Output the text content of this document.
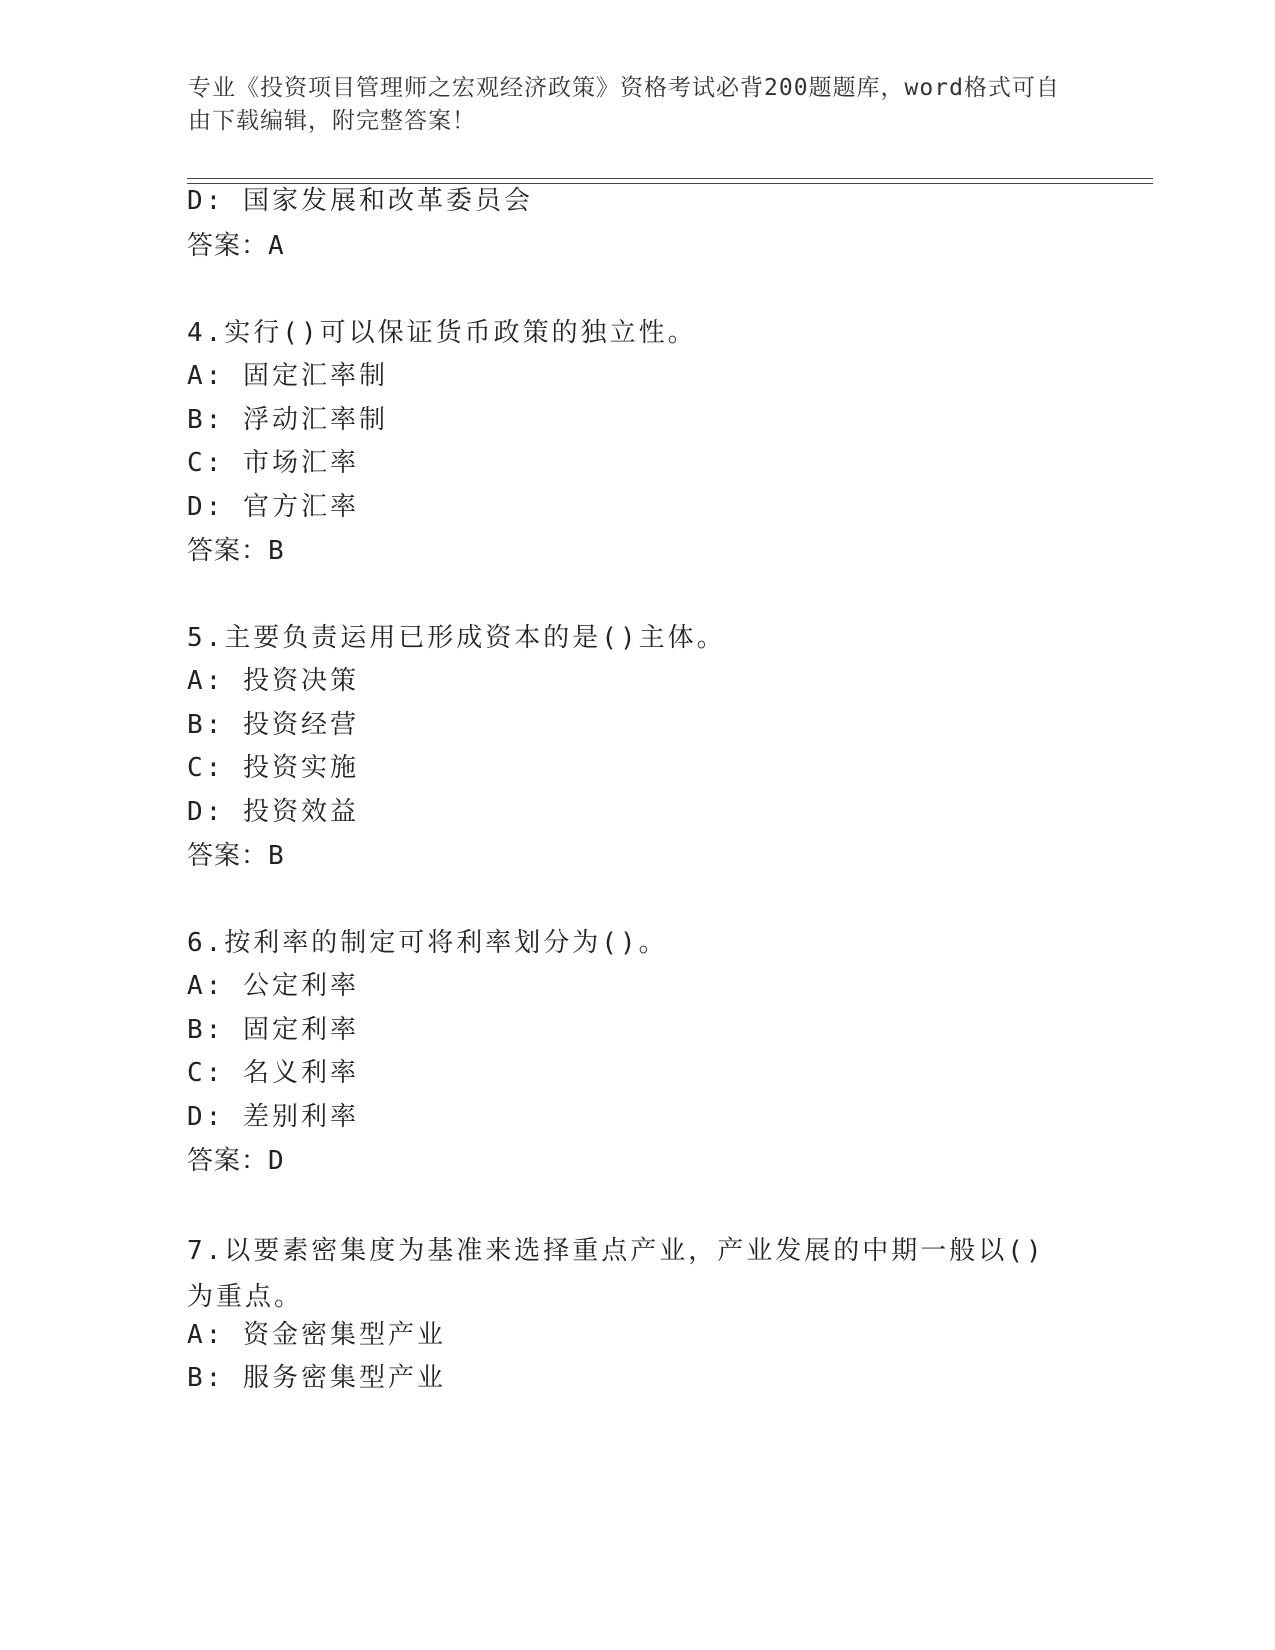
专业《投资项目管理师之宏观经济政策》资格考试必背200题题库，word格式可自由下载编辑，附完整答案！
D: 国家发展和改革委员会
答案：A
4.实行()可以保证货币政策的独立性。
A: 固定汇率制
B: 浮动汇率制
C: 市场汇率
D: 官方汇率
答案：B
5.主要负责运用已形成资本的是()主体。
A: 投资决策
B: 投资经营
C: 投资实施
D: 投资效益
答案：B
6.按利率的制定可将利率划分为()。
A: 公定利率
B: 固定利率
C: 名义利率
D: 差别利率
答案：D
7.以要素密集度为基准来选择重点产业，产业发展的中期一般以()为重点。
A: 资金密集型产业
B: 服务密集型产业
